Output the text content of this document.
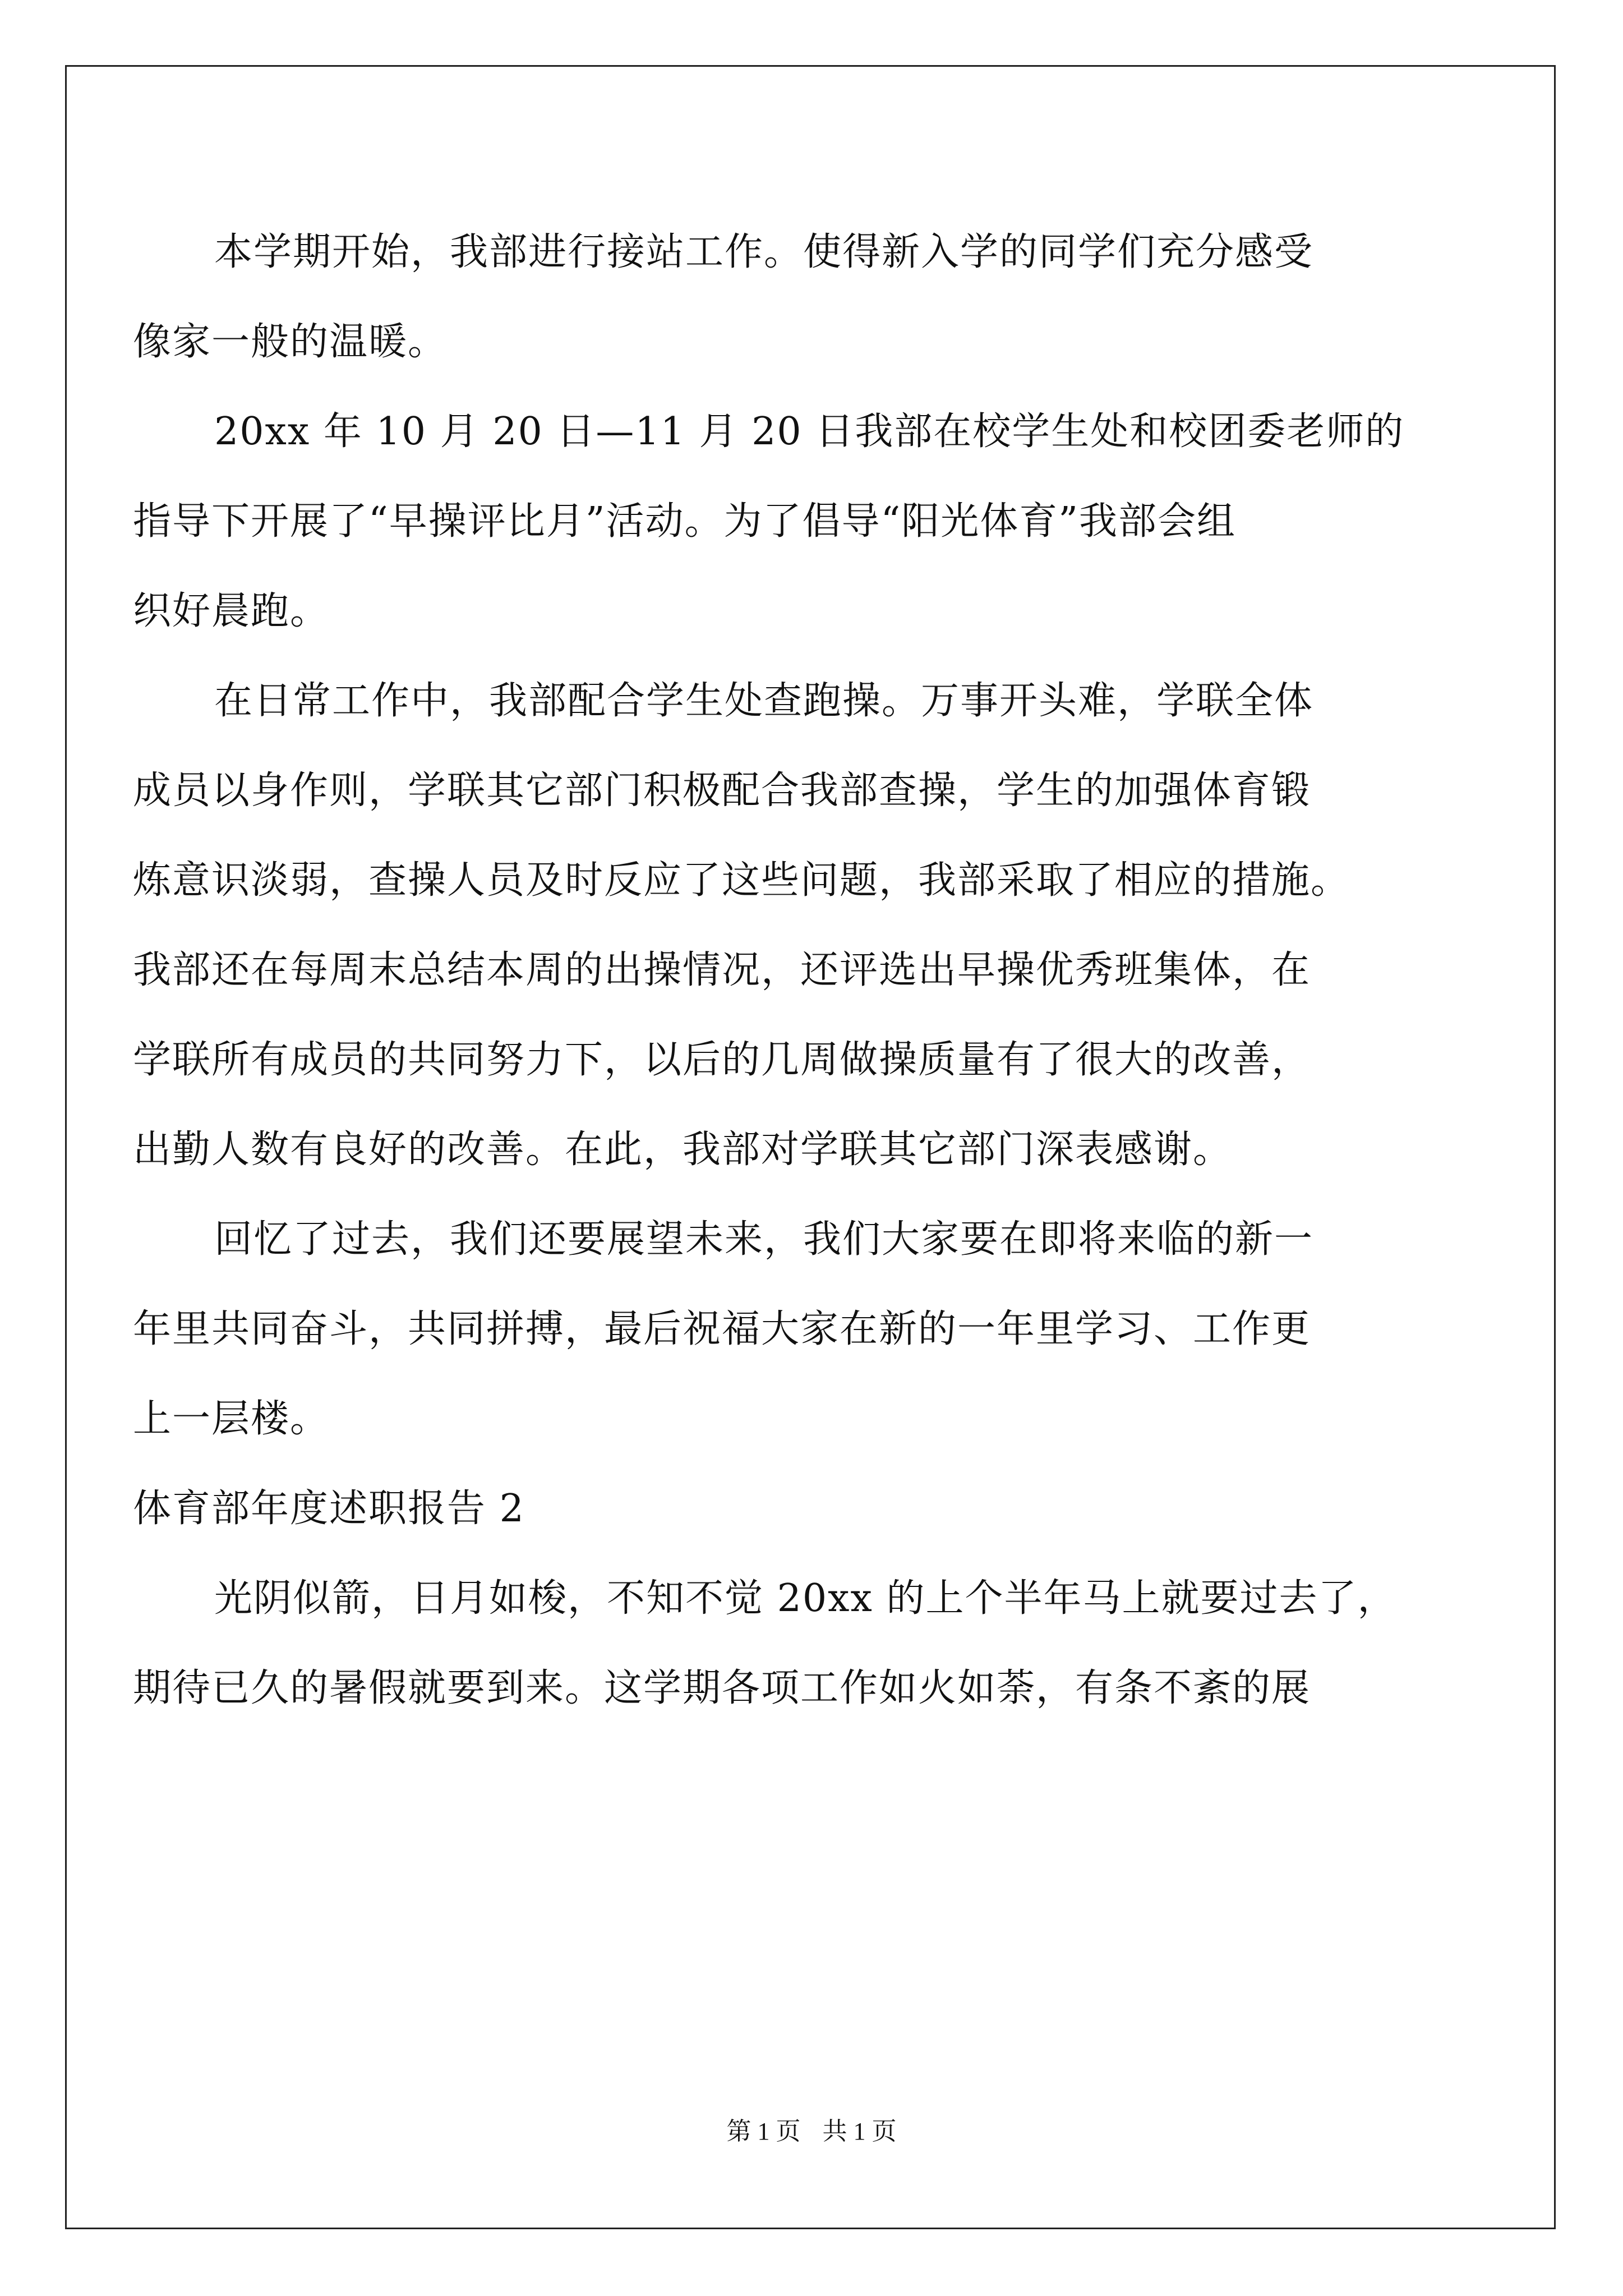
本学期开始，我部进行接站工作。使得新入学的同学们充分感受
像家一般的温暖。
20xx 年 10 月 20 日—11 月 20 日我部在校学生处和校团委老师的
指导下开展了“早操评比月”活动。为了倡导“阳光体育”我部会组
织好晨跑。
在日常工作中，我部配合学生处查跑操。万事开头难，学联全体
成员以身作则，学联其它部门积极配合我部查操，学生的加强体育锻
炼意识淡弱，查操人员及时反应了这些问题，我部采取了相应的措施。
我部还在每周末总结本周的出操情况，还评选出早操优秀班集体，在
学联所有成员的共同努力下，以后的几周做操质量有了很大的改善，
出勤人数有良好的改善。在此，我部对学联其它部门深表感谢。
回忆了过去，我们还要展望未来，我们大家要在即将来临的新一
年里共同奋斗，共同拼搏，最后祝福大家在新的一年里学习、工作更
上一层楼。
体育部年度述职报告 2
光阴似箭，日月如梭，不知不觉 20xx 的上个半年马上就要过去了，
期待已久的暑假就要到来。这学期各项工作如火如荼，有条不紊的展
第 1 页 共 1 页
